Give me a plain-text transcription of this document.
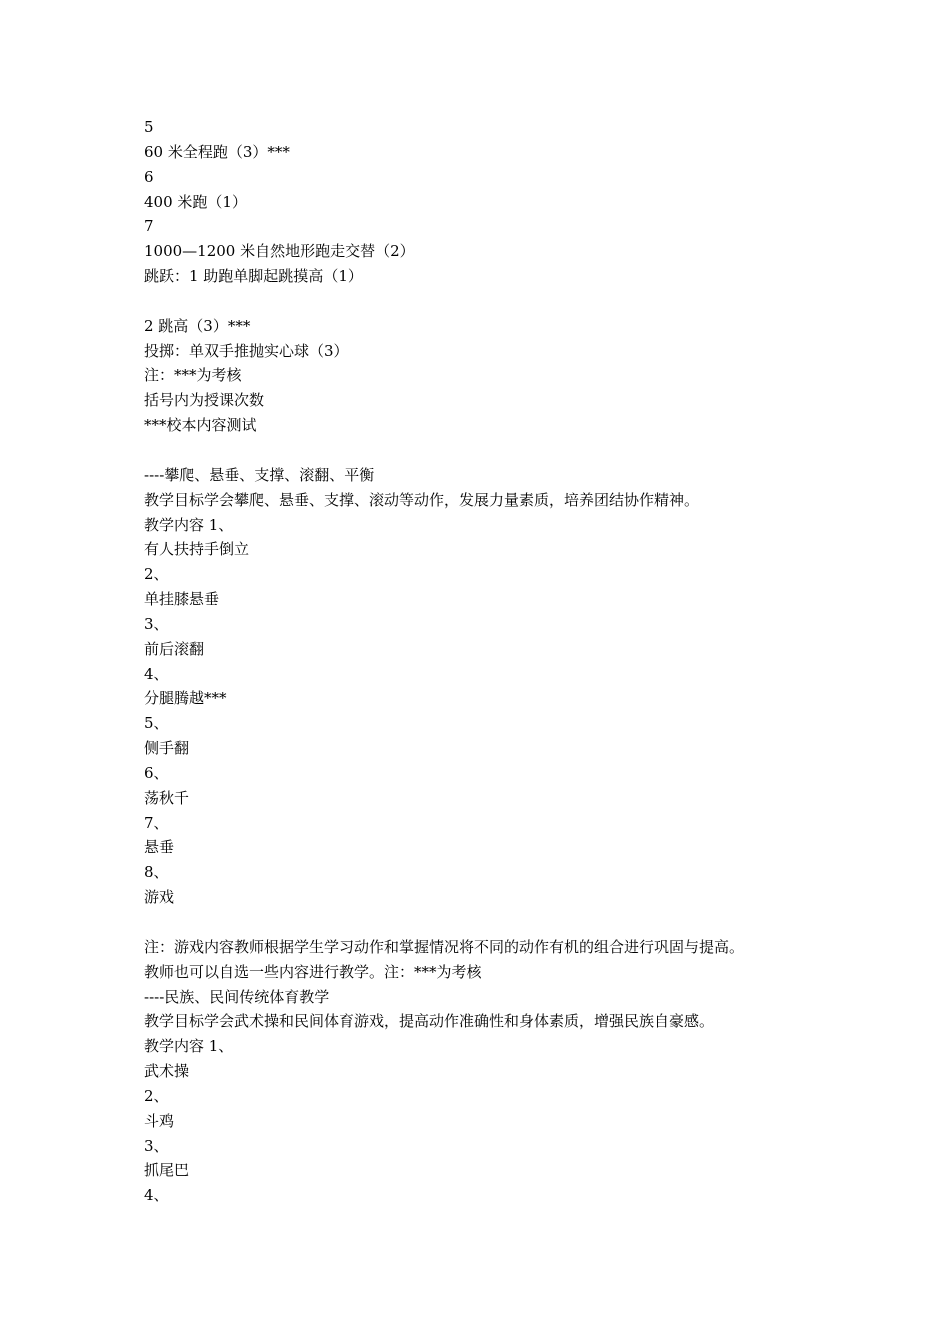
5
60 米全程跑（3）***
6
400 米跑（1）
7
1000—1200 米自然地形跑走交替（2）
跳跃：1 助跑单脚起跳摸高（1）
2 跳高（3）***
投掷：单双手推抛实心球（3）
注：***为考核
括号内为授课次数
***校本内容测试
----攀爬、悬垂、支撑、滚翻、平衡
教学目标学会攀爬、悬垂、支撑、滚动等动作，发展力量素质，培养团结协作精神。
教学内容 1、
有人扶持手倒立
2、
单挂膝悬垂
3、
前后滚翻
4、
分腿腾越***
5、
侧手翻
6、
荡秋千
7、
悬垂
8、
游戏
注：游戏内容教师根据学生学习动作和掌握情况将不同的动作有机的组合进行巩固与提高。
教师也可以自选一些内容进行教学。注：***为考核
----民族、民间传统体育教学
教学目标学会武术操和民间体育游戏，提高动作准确性和身体素质，增强民族自豪感。
教学内容 1、
武术操
2、
斗鸡
3、
抓尾巴
4、
